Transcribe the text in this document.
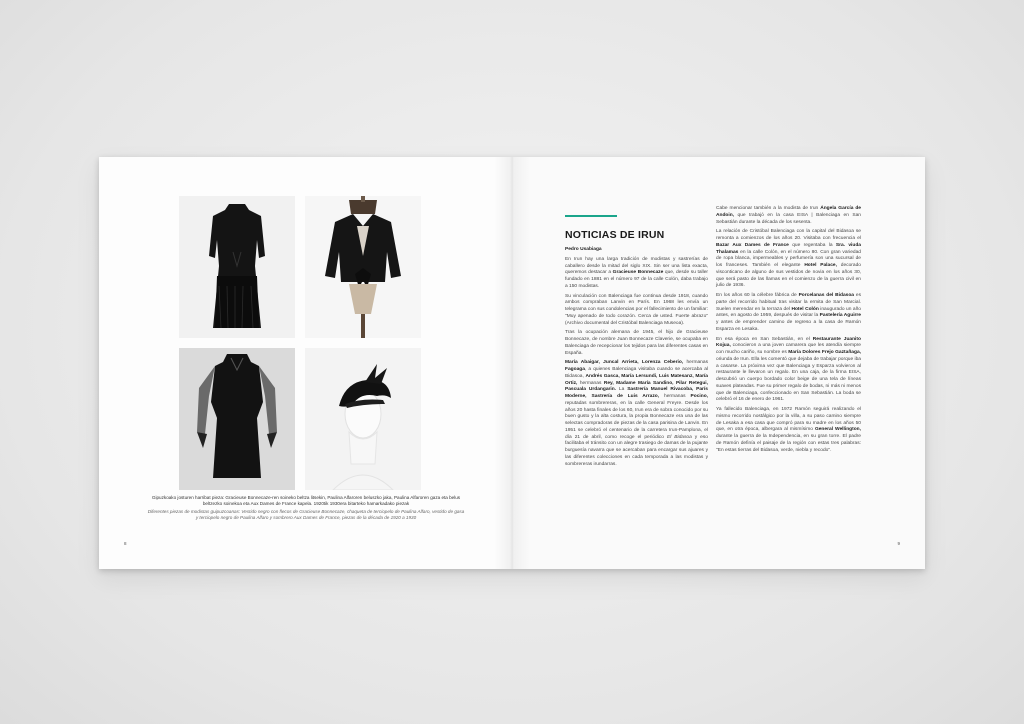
Gipuzkoako josturen harribat pieza: Gracieuse Bonnecaze-ren soineko beltza litsekin, Paulina Alfaroren beluszko jaka, Paulina Alfaroren gaza eta belus beltzezko soinekoa eta Aux Dames de France kapela. 1920tik 1930era bitarteko hamarkadako piezak
Diferentes piezas de modistas guipuzcoanas: Vestido negro con flecos de Gracieuse Bonnecaze, chaqueta de terciopelo de Paulina Alfaro, vestido de gasa y terciopelo negro de Paulina Alfaro y sombrero Aux Dames de France, piezas de la década de 1920 a 1930
8
NOTICIAS DE IRUN

Pedro Usabiaga

En Irun hay una larga tradición de modistas y sastrerías de caballero desde la mitad del siglo XIX. Sin ser una lista exacta, queremos destacar a Gracieuse Bonnecaze que, desde su taller fundado en 1881 en el número 97 de la calle Colón, daba trabajo a 150 modistas.

Su vinculación con Balenciaga fue continua desde 1918, cuando ambos compraban Lanvin en París. En 1968 les envía un telegrama con sus condolencias por el fallecimiento de un familiar: "Muy apenado de todo corazón. Cerca de usted. Fuerte abrazo" (Archivo documental del Cristóbal Balenciaga Museoa).

Tras la ocupación alemana de 1945, el hijo de Gracieuse Bonnecaze, de nombre Juan Bonnecaze Claverie, se ocupaba en Balenciaga de recepcionar los tejidos para las diferentes casas en España.

María Abaigar, Juncal Arrieta, Lorenza Ceberio, hermanas Fagoaga, a quienes Balenciaga visitaba cuando se acercaba al Bidasoa, Andrés Gasca, María Lersundi, Luis Matesanz, María Ortiz, hermanas Rey, Madame María Sandino, Pilar Retegui, Pascuala Urdangarin. La Sastrería Manuel Rivacoba, París Moderne, Sastrería de Luis Arrazo, hermanas Pocino, reputadas sombrereras, en la calle General Freyre. Desde los años 20 hasta finales de los 60, Irun era de sobra conocido por su buen gusto y la alta costura, la propia Bonnecaze era una de las selectas compradoras de piezas de la casa parisina de Lanvin. En 1951 se celebró el centenario de la carretera Irun-Pamplona, el día 21 de abril, como recoge el periódico El Bidasoa y eso facilitaba el tránsito con un alegre trasiego de damas de la pujante burguesía navarra que se acercaban para encargar sus ajuares y las diferentes colecciones en cada temporada a las modistas y sombrereras irundarras.

Cabe mencionar también a la modista de Irun Ángela García de Andoin, que trabajó en la casa EISA | Balenciaga en San Sebastián durante la década de los sesenta.

La relación de Cristóbal Balenciaga con la capital del Bidasoa se remonta a comienzos de los años 20. Visitaba con frecuencia el Bazar Aux Dames de France que regentaba la Sra. viuda Thalamas en la calle Colón, en el número 80. Con gran variedad de ropa blanca, impermeables y perfumería son una sucursal de los franceses. También el elegante Hotel Palace, decorado visconticano de alguno de sus vestidos de novia en los años 30, que será pasto de las llamas en el comienzo de la guerra civil en julio de 1936.

En los años 60 la célebre fábrica de Porcelanas del Bidasoa es parte del recorrido habitual tras visitar la ermita de San Marcial. Suelen merendar en la terraza del Hotel Colón inaugurado un año antes, en agosto de 1959, después de visitar la Pastelería Aguirre y antes de emprender camino de regreso a la casa de Ramón Esparza en Lesaka.

En esa época en San Sebastián, en el Restaurante Juanito Kojua, conocieron a una joven camarera que les atendía siempre con mucho cariño, su nombre es María Dolores Frejo Gaztañaga, oriunda de Irun. Ella les comentó que dejaba de trabajar porque iba a casarse. La próxima vez que Balenciaga y Esparza volvieron al restaurante le llevaron un regalo. En una caja, de la firma EISA, descubrió un cuerpo bordado color beige de una tela de líneas suaves plateadas. Fue su primer regalo de bodas, ni más ni menos que de Balenciaga, confeccionado en San Sebastián. La boda se celebró el 16 de enero de 1961.

Ya fallecido Balenciaga, en 1972 Ramón seguirá realizando el mismo recorrido nostálgico por la villa, a su paso camino siempre de Lesaka a esa casa que compró para su madre en los años 50 que, en otra época, albergara al mismísimo General Wellington, durante la guerra de la Independencia, en su gran torre. El padre de Ramón definía el paisaje de la región con estas tres palabras: "En estas tierras del Bidasoa, verde, niebla y recodo".

9
